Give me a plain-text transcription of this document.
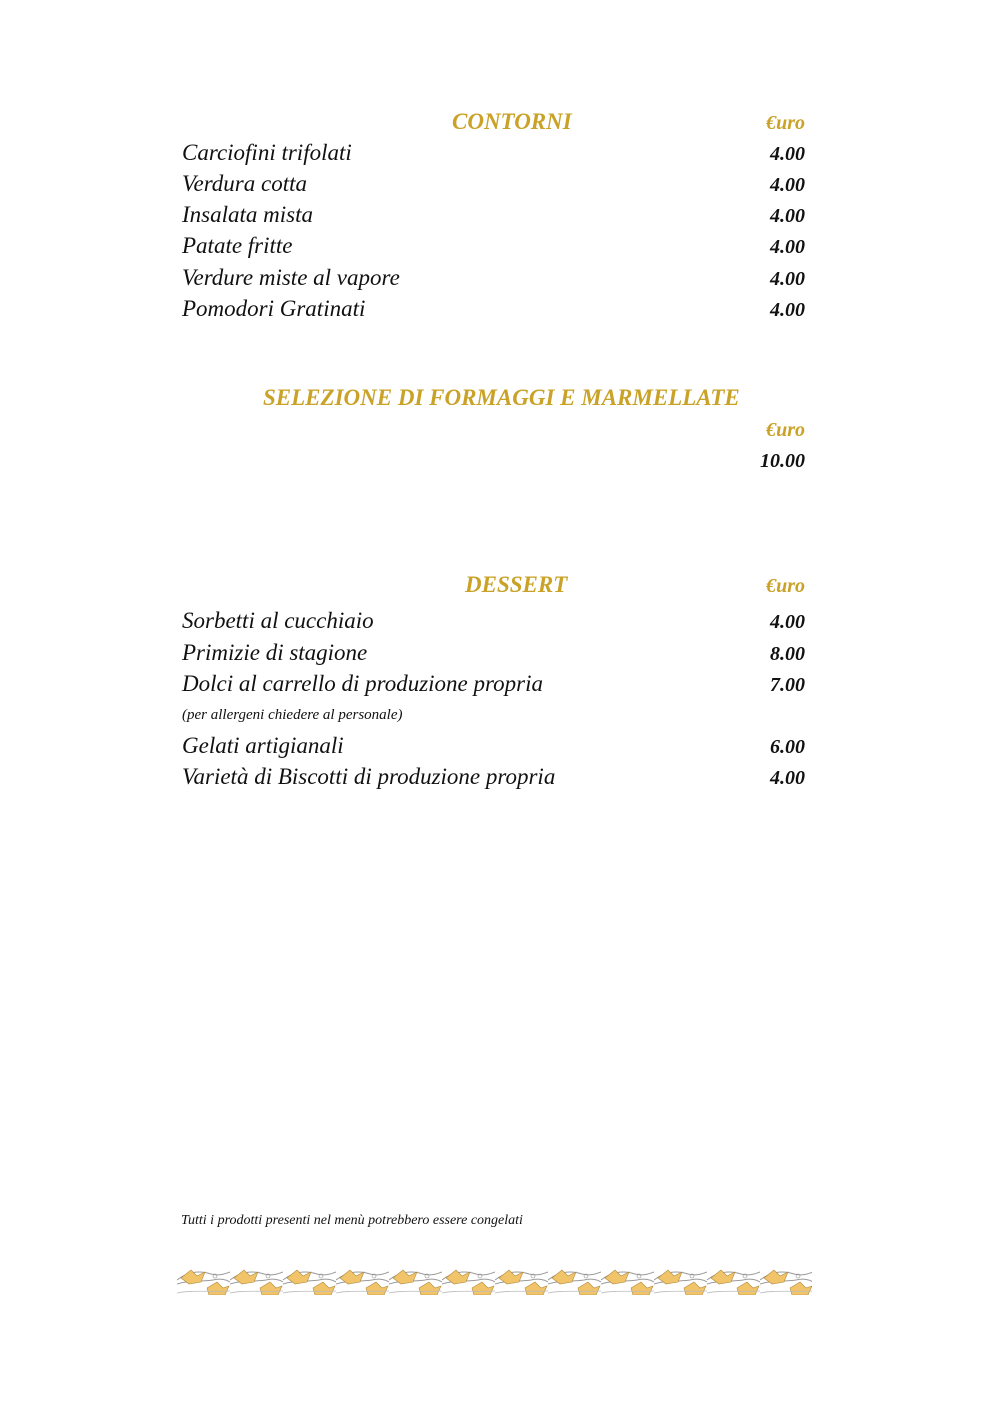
CONTORNI	€uro
Carciofini trifolati	4.00
Verdura cotta	4.00
Insalata mista	4.00
Patate fritte	4.00
Verdure miste al vapore	4.00
Pomodori Gratinati	4.00
SELEZIONE DI FORMAGGI E MARMELLATE
€uro
10.00
DESSERT	€uro
Sorbetti al cucchiaio	4.00
Primizie di stagione	8.00
Dolci al carrello di produzione propria	7.00
(per allergeni chiedere al personale)
Gelati artigianali	6.00
Varietà di Biscotti di produzione propria	4.00
Tutti i prodotti presenti nel menù potrebbero essere congelati
